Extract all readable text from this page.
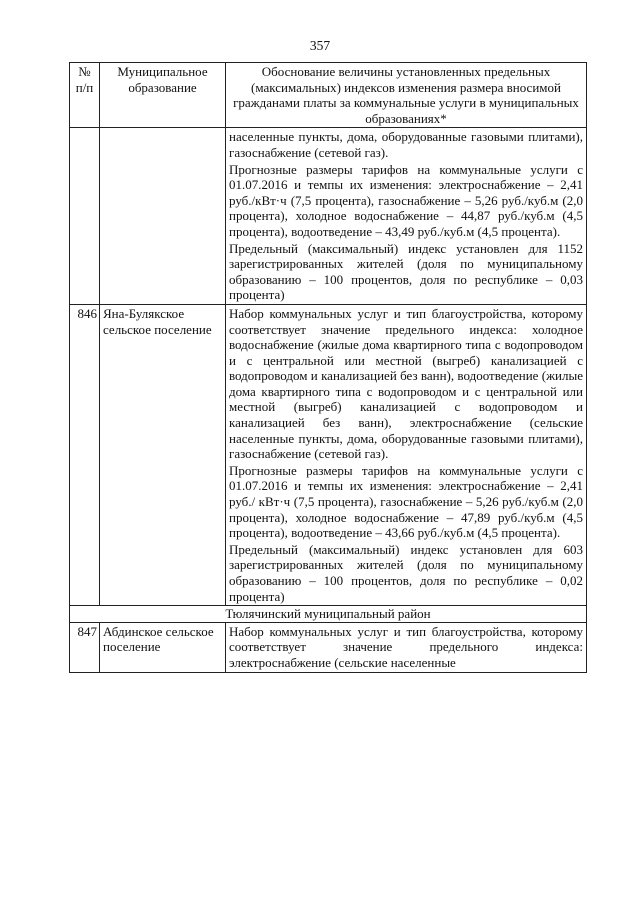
357
№ п/п	Муниципальное образование	Обоснование величины установленных предельных (максимальных) индексов изменения размера вносимой гражданами платы за коммунальные услуги в муниципальных образованиях*

		населенные пункты, дома, оборудованные газовыми плитами), газоснабжение (сетевой газ).

Прогнозные размеры тарифов на коммунальные услуги с 01.07.2016 и темпы их изменения: электроснабжение – 2,41 руб./кВт·ч (7,5 процента), газоснабжение – 5,26 руб./куб.м (2,0 процента), холодное водоснабжение – 44,87 руб./куб.м (4,5 процента), водоотведение – 43,49 руб./куб.м (4,5 процента).

Предельный (максимальный) индекс установлен для 1152 зарегистрированных жителей (доля по муниципальному образованию – 100 процентов, доля по республике – 0,03 процента)

846	Яна-Булякское сельское поселение	Набор коммунальных услуг и тип благоустройства, которому соответствует значение предельного индекса: холодное водоснабжение (жилые дома квартирного типа с водопроводом и с центральной или местной (выгреб) канализацией с водопроводом и канализацией без ванн), водоотведение (жилые дома квартирного типа с водопроводом и с центральной или местной (выгреб) канализацией с водопроводом и канализацией без ванн), электроснабжение (сельские населенные пункты, дома, оборудованные газовыми плитами), газоснабжение (сетевой газ).

Прогнозные размеры тарифов на коммунальные услуги с 01.07.2016 и темпы их изменения: электроснабжение – 2,41 руб./ кВт·ч (7,5 процента), газоснабжение – 5,26 руб./куб.м (2,0 процента), холодное водоснабжение – 47,89 руб./куб.м (4,5 процента), водоотведение – 43,66 руб./куб.м (4,5 процента).

Предельный (максимальный) индекс установлен для 603 зарегистрированных жителей (доля по муниципальному образованию – 100 процентов, доля по республике – 0,02 процента)

Тюлячинский муниципальный район		
847	Абдинское сельское поселение	Набор коммунальных услуг и тип благоустройства, которому соответствует значение предельного индекса: электроснабжение (сельские населенные
